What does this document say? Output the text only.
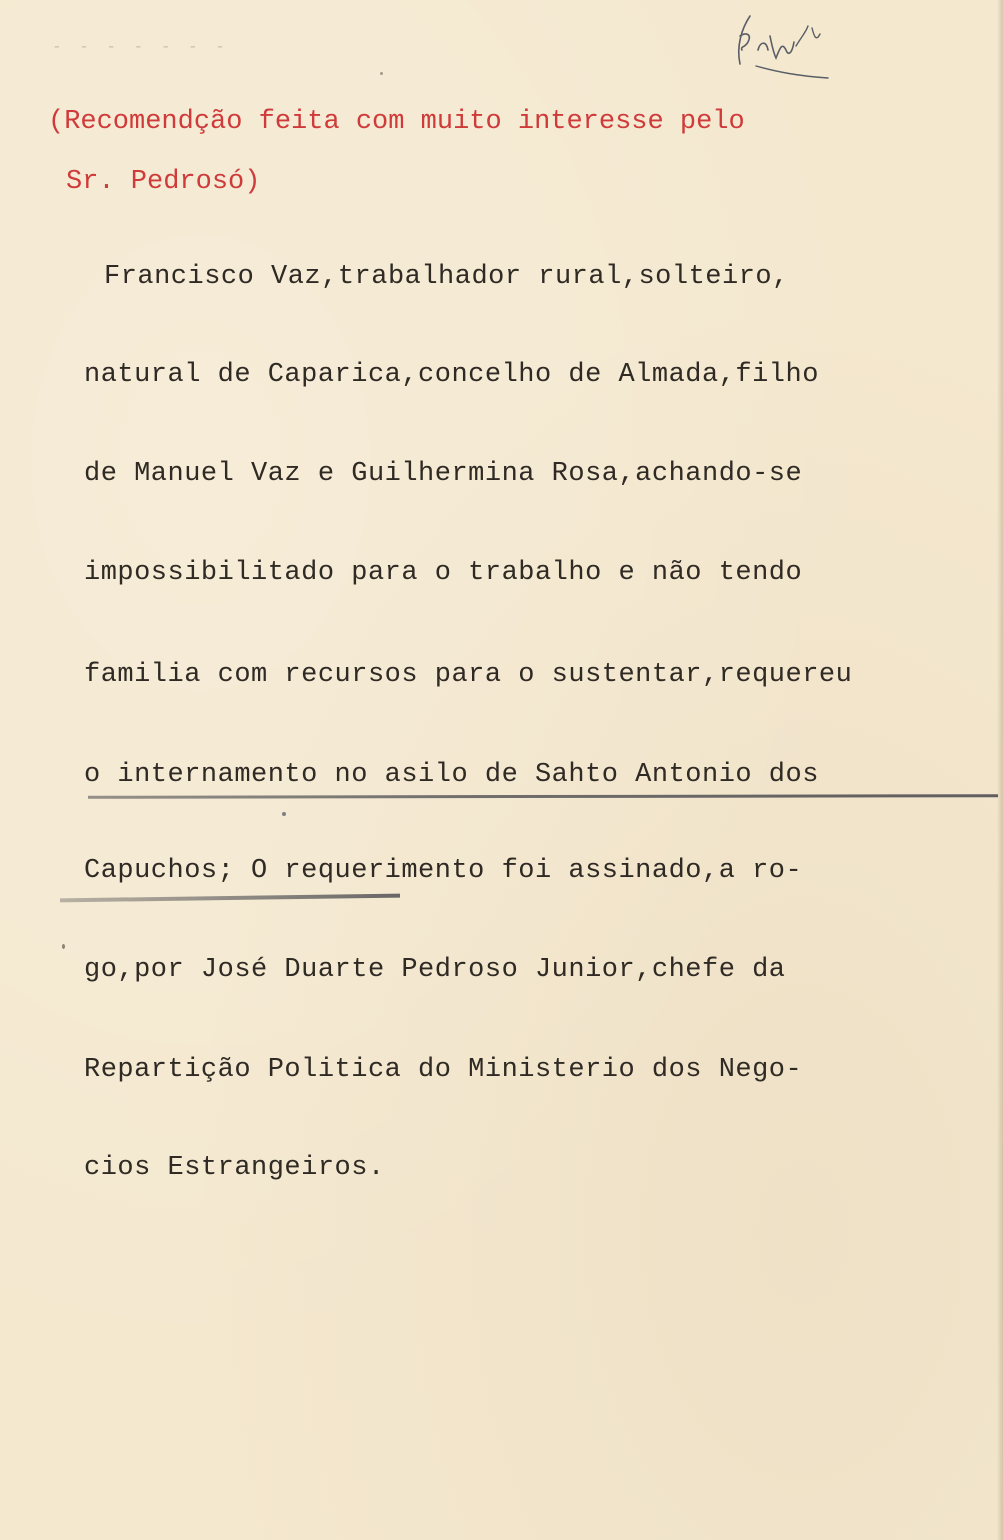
- - - - - - -
(Recomendção feita com muito interesse pelo
Sr. Pedrosó)
Francisco Vaz,trabalhador rural,solteiro,
natural de Caparica,concelho de Almada,filho
de Manuel Vaz e Guilhermina Rosa,achando-se
impossibilitado para o trabalho e não tendo
familia com recursos para o sustentar,requereu
o internamento no asilo de Sahto Antonio dos
Capuchos; O requerimento foi assinado,a ro-
go,por José Duarte Pedroso Junior,chefe da
Repartição Politica do Ministerio dos Nego-
cios Estrangeiros.
